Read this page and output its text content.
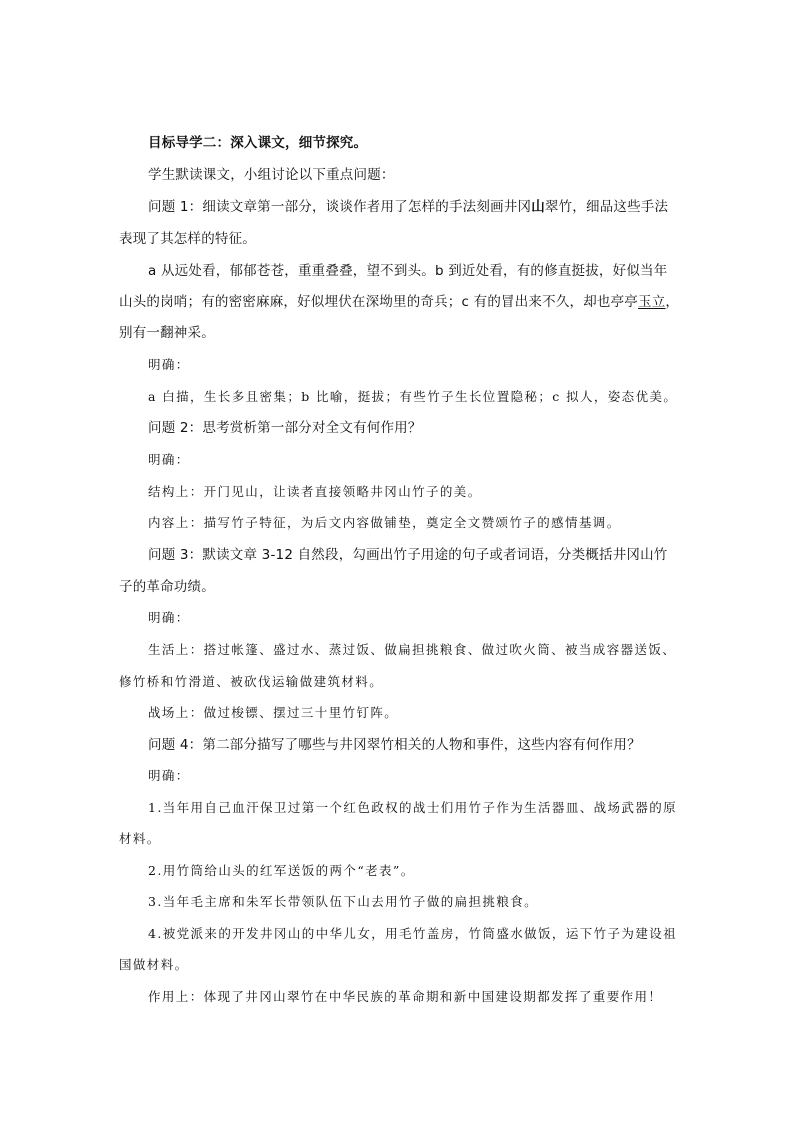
目标导学二：深入课文，细节探究。
学生默读课文，小组讨论以下重点问题：
问题 1：细读文章第一部分，谈谈作者用了怎样的手法刻画井冈山翠竹，细品这些手法
表现了其怎样的特征。
a 从远处看，郁郁苍苍，重重叠叠，望不到头。b 到近处看，有的修直挺拔，好似当年
山头的岗哨；有的密密麻麻，好似埋伏在深坳里的奇兵；c 有的冒出来不久，却也亭亭玉立，
别有一翻神采。
明确：
a 白描，生长多且密集；b 比喻，挺拔；有些竹子生长位置隐秘；c 拟人，姿态优美。
问题 2：思考赏析第一部分对全文有何作用？
明确：
结构上：开门见山，让读者直接领略井冈山竹子的美。
内容上：描写竹子特征，为后文内容做铺垫，奠定全文赞颂竹子的感情基调。
问题 3：默读文章 3-12 自然段，勾画出竹子用途的句子或者词语，分类概括井冈山竹
子的革命功绩。
明确：
生活上：搭过帐篷、盛过水、蒸过饭、做扁担挑粮食、做过吹火筒、被当成容器送饭、
修竹桥和竹滑道、被砍伐运输做建筑材料。
战场上：做过梭镖、摆过三十里竹钉阵。
问题 4：第二部分描写了哪些与井冈翠竹相关的人物和事件，这些内容有何作用？
明确：
1.当年用自己血汗保卫过第一个红色政权的战士们用竹子作为生活器皿、战场武器的原
材料。
2.用竹筒给山头的红军送饭的两个“老表”。
3.当年毛主席和朱军长带领队伍下山去用竹子做的扁担挑粮食。
4.被党派来的开发井冈山的中华儿女，用毛竹盖房，竹筒盛水做饭，运下竹子为建设祖
国做材料。
作用上：体现了井冈山翠竹在中华民族的革命期和新中国建设期都发挥了重要作用！
